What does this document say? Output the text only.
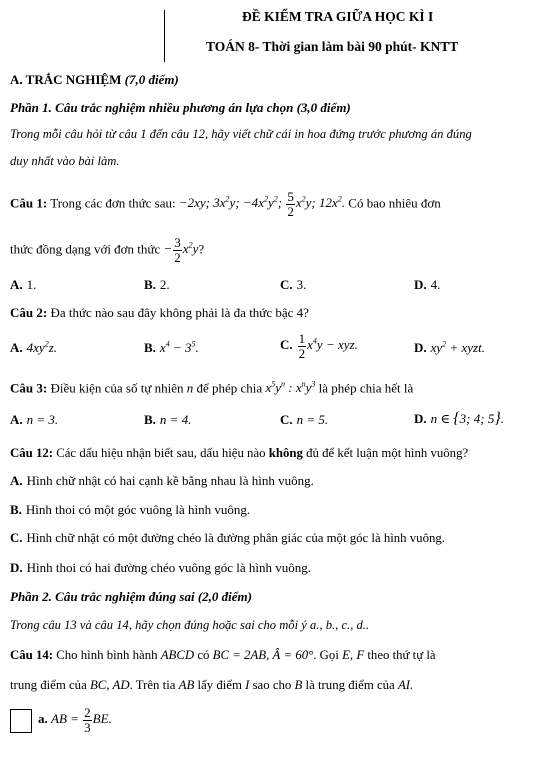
ĐỀ KIỂM TRA GIỮA HỌC KÌ I
TOÁN 8- Thời gian làm bài 90 phút- KNTT
A. TRẮC NGHIỆM (7,0 điểm)
Phần 1. Câu trắc nghiệm nhiều phương án lựa chọn (3,0 điểm)
Trong mỗi câu hỏi từ câu 1 đến câu 12, hãy viết chữ cái in hoa đứng trước phương án đúng
duy nhất vào bài làm.
Câu 1: Trong các đơn thức sau: −2xy; $3x^2y$; $-4x^2y^2$; $\frac{5}{2} x^2y$; $12x^2$. Có bao nhiêu đơn
thức đồng dạng với đơn thức − $\frac{3}{2} x^2y$?
A. 1.	B. 2.	C. 3.	D. 4.
Câu 2: Đa thức nào sau đây không phải là đa thức bậc 4?
A. $4xy^2z$.	B. $x^4 - 3^5$.	C. $\frac{1}{2} x^4y$ − xyz.	D. $xy^2$ + xyzt.
Câu 3: Điều kiện của số tự nhiên n để phép chia $x^5y^n$ : $x^ny^3$ là phép chia hết là
A. n = 3.	B. n = 4.	C. n = 5.	D. n ∈ {3; 4; 5}.
Câu 12: Các dấu hiệu nhận biết sau, dấu hiệu nào không đủ để kết luận một hình vuông?
A. Hình chữ nhật có hai cạnh kề bằng nhau là hình vuông.
B. Hình thoi có một góc vuông là hình vuông.
C. Hình chữ nhật có một đường chéo là đường phân giác của một góc là hình vuông.
D. Hình thoi có hai đường chéo vuông góc là hình vuông.
Phần 2. Câu trắc nghiệm đúng sai (2,0 điểm)
Trong câu 13 và câu 14, hãy chọn đúng hoặc sai cho mỗi ý a., b., c., d..
Câu 14: Cho hình bình hành ABCD có BC = 2AB, Â = 60°. Gọi E, F theo thứ tự là
trung điểm của BC, AD. Trên tia AB lấy điểm I sao cho B là trung điểm của AI.
a. AB = $\frac{2}{3}$ BE.
